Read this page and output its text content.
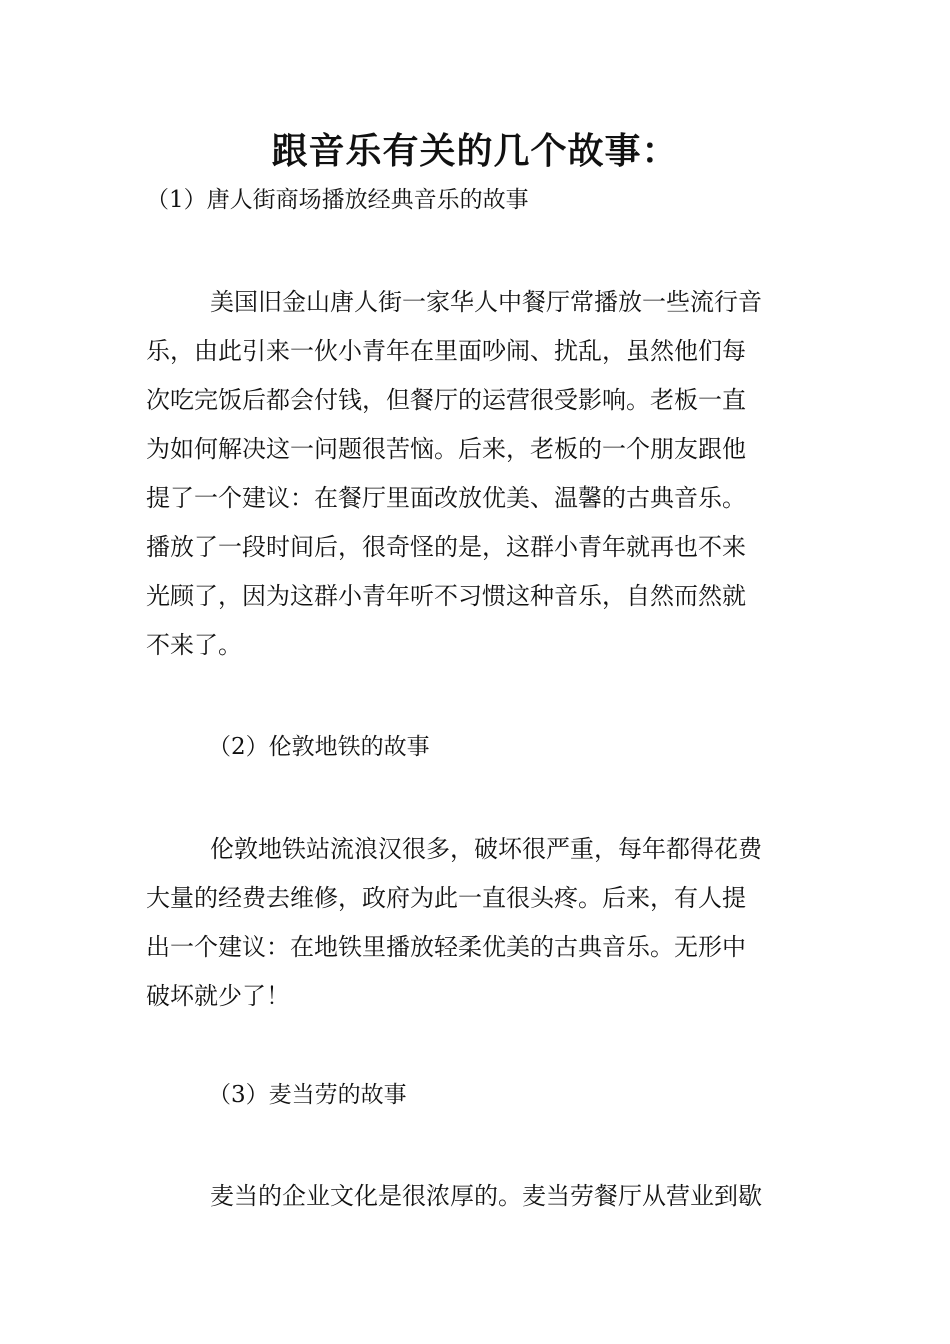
跟音乐有关的几个故事：
（1）唐人街商场播放经典音乐的故事
美国旧金山唐人街一家华人中餐厅常播放一些流行音
乐，由此引来一伙小青年在里面吵闹、扰乱，虽然他们每
次吃完饭后都会付钱，但餐厅的运营很受影响。老板一直
为如何解决这一问题很苦恼。后来，老板的一个朋友跟他
提了一个建议：在餐厅里面改放优美、温馨的古典音乐。
播放了一段时间后，很奇怪的是，这群小青年就再也不来
光顾了，因为这群小青年听不习惯这种音乐，自然而然就
不来了。
（2）伦敦地铁的故事
伦敦地铁站流浪汉很多，破坏很严重，每年都得花费
大量的经费去维修，政府为此一直很头疼。后来，有人提
出一个建议：在地铁里播放轻柔优美的古典音乐。无形中
破坏就少了！
（3）麦当劳的故事
麦当的企业文化是很浓厚的。麦当劳餐厅从营业到歇
